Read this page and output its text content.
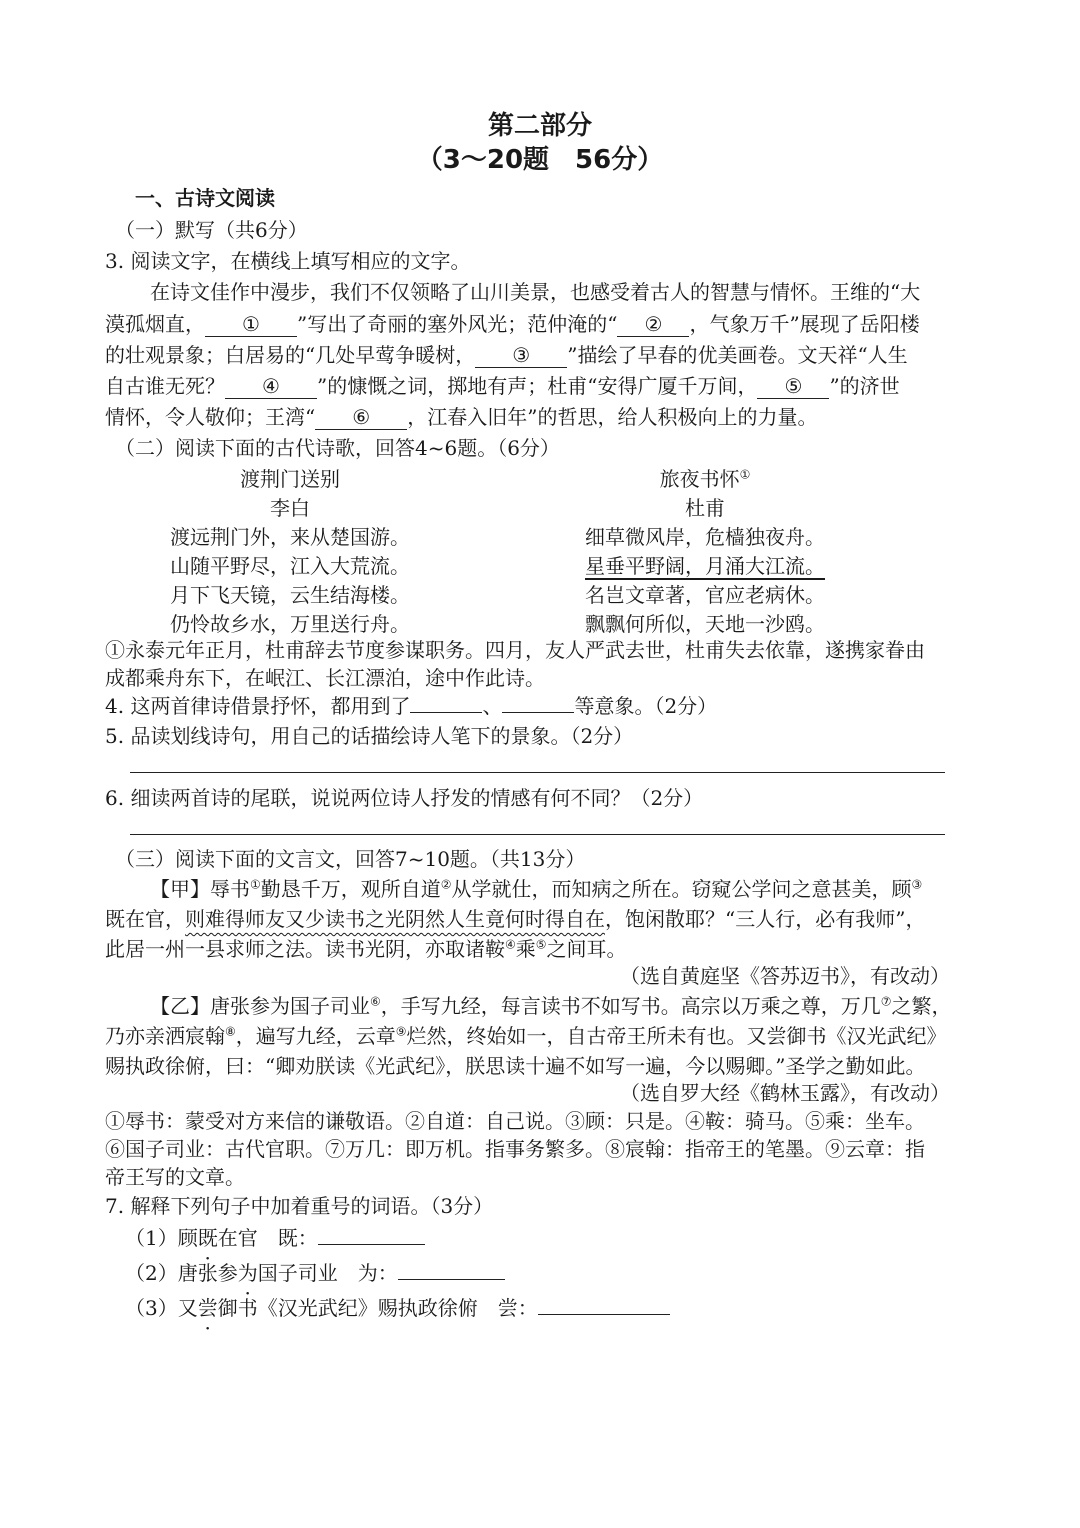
第二部分
（3～20题　56分）
一、古诗文阅读
（一）默写（共6分）
3. 阅读文字，在横线上填写相应的文字。
在诗文佳作中漫步，我们不仅领略了山川美景，也感受着古人的智慧与情怀。王维的“大
漠孤烟直， ① ”写出了奇丽的塞外风光；范仲淹的“ ② ，气象万千”展现了岳阳楼
的壮观景象；白居易的“几处早莺争暖树， ③ ”描绘了早春的优美画卷。文天祥“人生
自古谁无死？ ④ ”的慷慨之词，掷地有声；杜甫“安得广厦千万间， ⑤ ”的济世
情怀，令人敬仰；王湾“ ⑥ ，江春入旧年”的哲思，给人积极向上的力量。
（二）阅读下面的古代诗歌，回答4~6题。（6分）
渡荆门送别
李白
渡远荆门外，来从楚国游。
山随平野尽，江入大荒流。
月下飞天镜，云生结海楼。
仍怜故乡水，万里送行舟。
旅夜书怀①
杜甫
细草微风岸，危樯独夜舟。
星垂平野阔，月涌大江流。
名岂文章著，官应老病休。
飘飘何所似，天地一沙鸥。
①永泰元年正月，杜甫辞去节度参谋职务。四月，友人严武去世，杜甫失去依靠，遂携家眷由
成都乘舟东下，在岷江、长江漂泊，途中作此诗。
4. 这两首律诗借景抒怀，都用到了	、	等意象。（2分）
5. 品读划线诗句，用自己的话描绘诗人笔下的景象。（2分）
6. 细读两首诗的尾联，说说两位诗人抒发的情感有何不同？（2分）
（三）阅读下面的文言文，回答7~10题。（共13分）
【甲】辱书①勤恳千万，观所自道②从学就仕，而知病之所在。窃窥公学问之意甚美，顾③
既在官，则难得师友又少读书之光阴然人生竟何时得自在，饱闲散耶？“三人行，必有我师”，
此居一州一县求师之法。读书光阴，亦取诸鞍④乘⑤之间耳。
（选自黄庭坚《答苏迈书》，有改动）
【乙】唐张参为国子司业⑥，手写九经，每言读书不如写书。高宗以万乘之尊，万几⑦之繁，
乃亦亲洒宸翰⑧，遍写九经，云章⑨烂然，终始如一，自古帝王所未有也。又尝御书《汉光武纪》
赐执政徐俯，曰：“卿劝朕读《光武纪》，朕思读十遍不如写一遍，今以赐卿。”圣学之勤如此。
（选自罗大经《鹤林玉露》，有改动）
①辱书：蒙受对方来信的谦敬语。②自道：自己说。③顾：只是。④鞍：骑马。⑤乘：坐车。
⑥国子司业：古代官职。⑦万几：即万机。指事务繁多。⑧宸翰：指帝王的笔墨。⑨云章：指
帝王写的文章。
7. 解释下列句子中加着重号的词语。（3分）
（1）顾既在官　既：
（2）唐张参为国子司业　为：
（3）又尝御书《汉光武纪》赐执政徐俯　尝：
